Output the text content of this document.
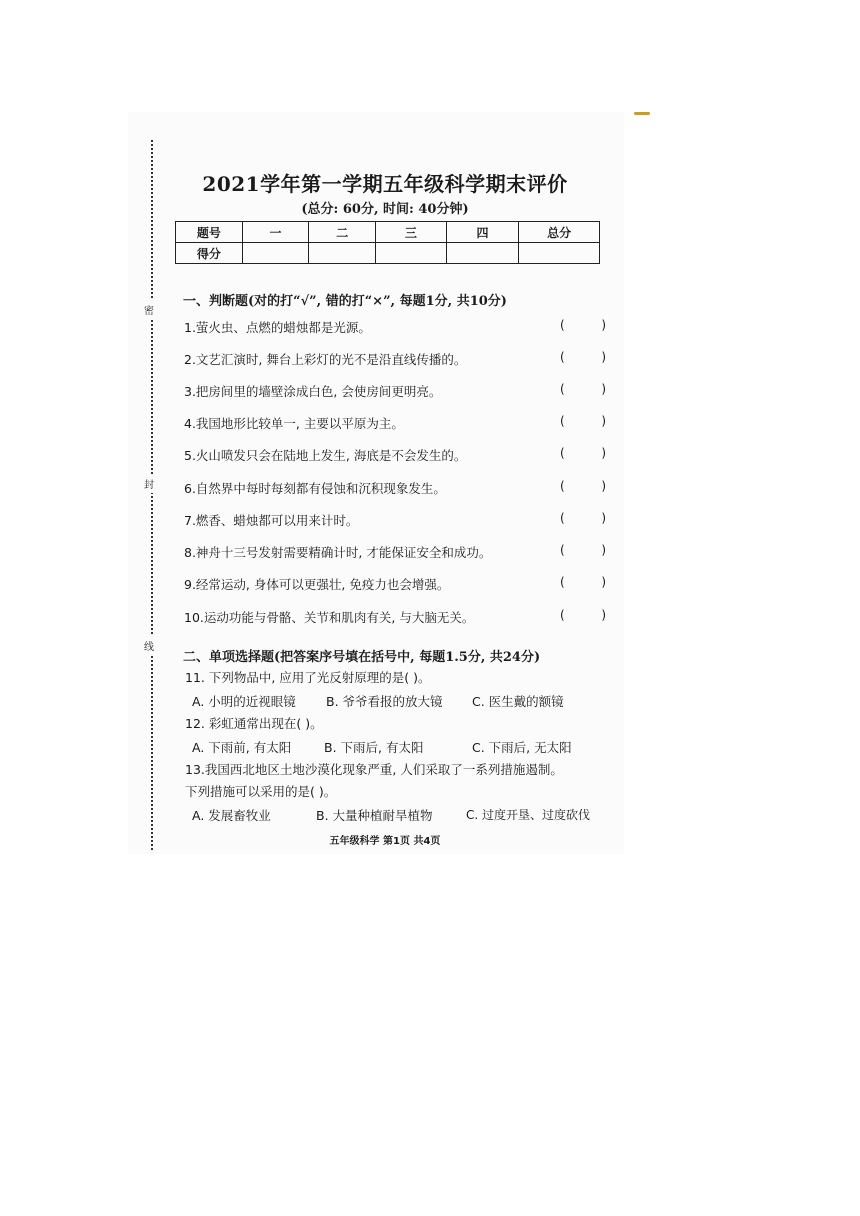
密
封
线
2021学年第一学期五年级科学期末评价
(总分: 60分, 时间: 40分钟)
题号	一	二	三	四	总分
得分					
一、判断题(对的打“√”, 错的打“×”, 每题1分, 共10分)
1.萤火虫、点燃的蜡烛都是光源。	(	)
2.文艺汇演时, 舞台上彩灯的光不是沿直线传播的。	(	)
3.把房间里的墙壁涂成白色, 会使房间更明亮。	(	)
4.我国地形比较单一, 主要以平原为主。	(	)
5.火山喷发只会在陆地上发生, 海底是不会发生的。	(	)
6.自然界中每时每刻都有侵蚀和沉积现象发生。	(	)
7.燃香、蜡烛都可以用来计时。	(	)
8.神舟十三号发射需要精确计时, 才能保证安全和成功。	(	)
9.经常运动, 身体可以更强壮, 免疫力也会增强。	(	)
10.运动功能与骨骼、关节和肌肉有关, 与大脑无关。	(	)
二、单项选择题(把答案序号填在括号中, 每题1.5分, 共24分)
11. 下列物品中, 应用了光反射原理的是( )。
A. 小明的近视眼镜 B. 爷爷看报的放大镜 C. 医生戴的额镜
12. 彩虹通常出现在( )。
A. 下雨前, 有太阳	B. 下雨后, 有太阳	C. 下雨后, 无太阳
13.我国西北地区土地沙漠化现象严重, 人们采取了一系列措施遏制。
下列措施可以采用的是( )。
A. 发展畜牧业	B. 大量种植耐旱植物	C. 过度开垦、过度砍伐
五年级科学 第1页 共4页
